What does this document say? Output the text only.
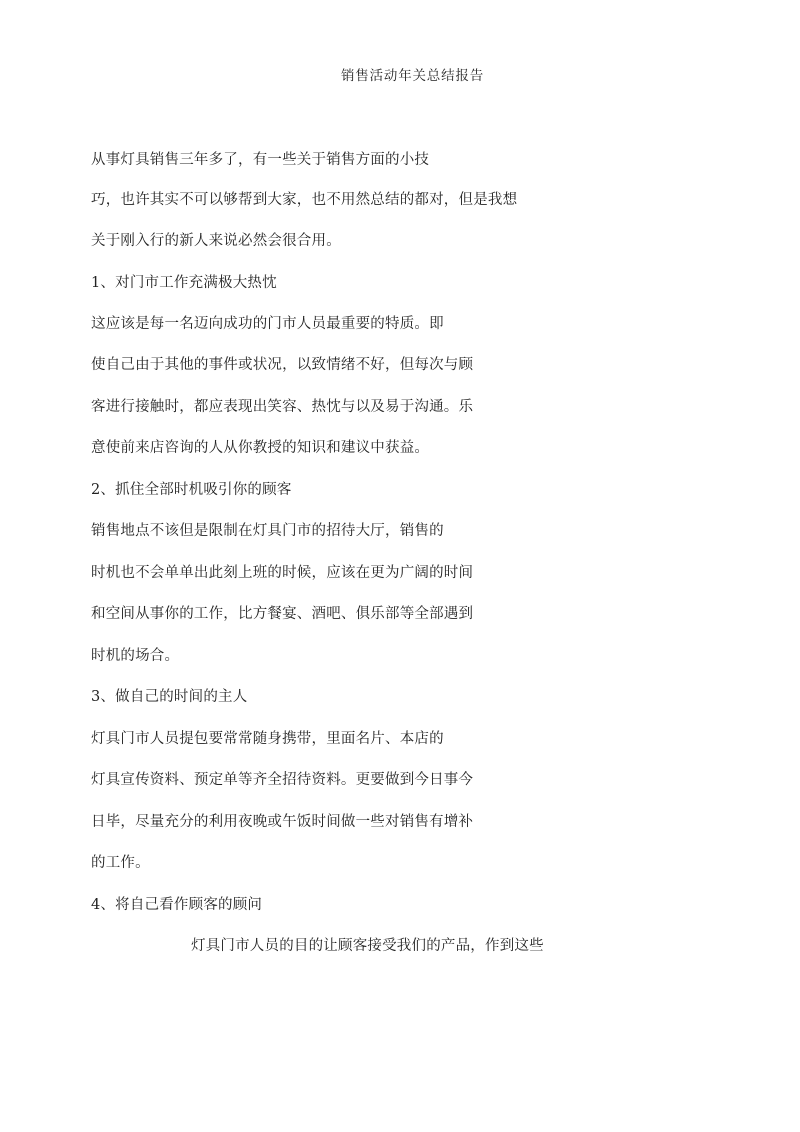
销售活动年关总结报告
从事灯具销售三年多了，有一些关于销售方面的小技
巧，也许其实不可以够帮到大家，也不用然总结的都对，但是我想
关于刚入行的新人来说必然会很合用。
1、对门市工作充满极大热忱
这应该是每一名迈向成功的门市人员最重要的特质。即
使自己由于其他的事件或状况，以致情绪不好，但每次与顾
客进行接触时，都应表现出笑容、热忱与以及易于沟通。乐
意使前来店咨询的人从你教授的知识和建议中获益。
2、抓住全部时机吸引你的顾客
销售地点不该但是限制在灯具门市的招待大厅，销售的
时机也不会单单出此刻上班的时候，应该在更为广阔的时间
和空间从事你的工作，比方餐宴、酒吧、俱乐部等全部遇到
时机的场合。
3、做自己的时间的主人
灯具门市人员提包要常常随身携带，里面名片、本店的
灯具宣传资料、预定单等齐全招待资料。更要做到今日事今
日毕，尽量充分的利用夜晚或午饭时间做一些对销售有增补
的工作。
4、将自己看作顾客的顾问
灯具门市人员的目的让顾客接受我们的产品，作到这些
